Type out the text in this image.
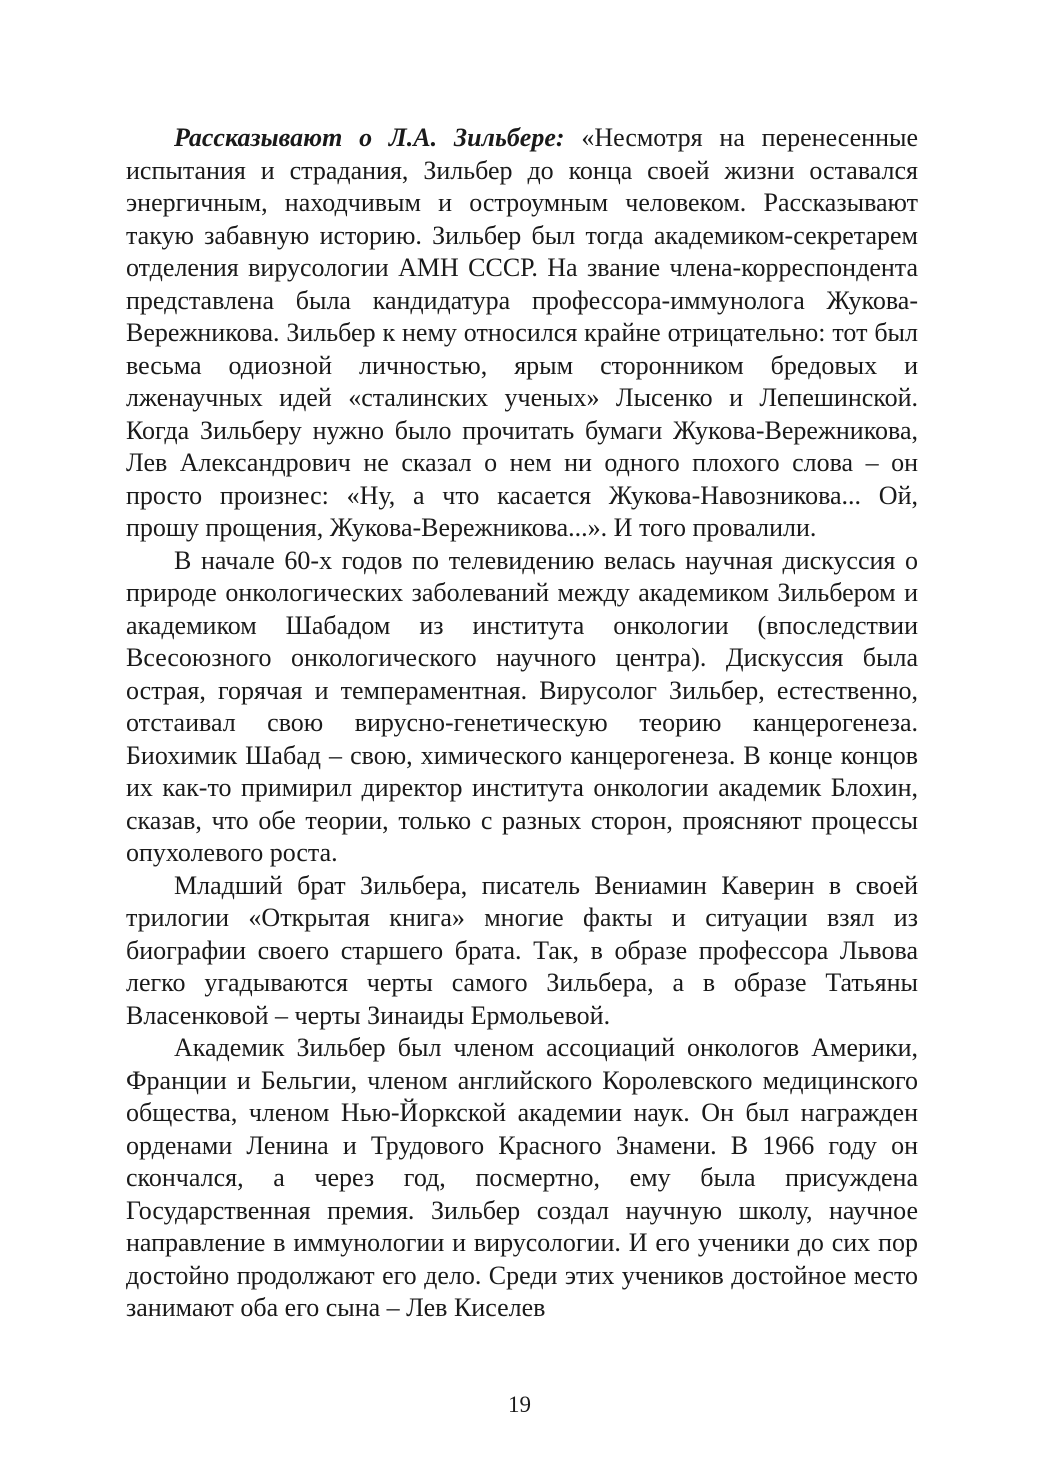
Рассказывают о Л.А. Зильбере: «Несмотря на перенесенные испытания и страдания, Зильбер до конца своей жизни оставался энергичным, находчивым и остроумным человеком. Рассказывают такую забавную историю. Зильбер был тогда академиком-секретарем отделения вирусологии АМН СССР. На звание члена-корреспондента представлена была кандидатура профессора-иммунолога Жукова-Вережникова. Зильбер к нему относился крайне отрицательно: тот был весьма одиозной личностью, ярым сторонником бредовых и лженаучных идей «сталинских ученых» Лысенко и Лепешинской. Когда Зильберу нужно было прочитать бумаги Жукова-Вережникова, Лев Александрович не сказал о нем ни одного плохого слова – он просто произнес: «Ну, а что касается Жукова-Навозникова... Ой, прошу прощения, Жукова-Вережникова...». И того провалили.

В начале 60-х годов по телевидению велась научная дискуссия о природе онкологических заболеваний между академиком Зильбером и академиком Шабадом из института онкологии (впоследствии Всесоюзного онкологического научного центра). Дискуссия была острая, горячая и темпераментная. Вирусолог Зильбер, естественно, отстаивал свою вирусно-генетическую теорию канцерогенеза. Биохимик Шабад – свою, химического канцерогенеза. В конце концов их как-то примирил директор института онкологии академик Блохин, сказав, что обе теории, только с разных сторон, проясняют процессы опухолевого роста.

Младший брат Зильбера, писатель Вениамин Каверин в своей трилогии «Открытая книга» многие факты и ситуации взял из биографии своего старшего брата. Так, в образе профессора Львова легко угадываются черты самого Зильбера, а в образе Татьяны Власенковой – черты Зинаиды Ермольевой.

Академик Зильбер был членом ассоциаций онкологов Америки, Франции и Бельгии, членом английского Королевского медицинского общества, членом Нью-Йоркской академии наук. Он был награжден орденами Ленина и Трудового Красного Знамени. В 1966 году он скончался, а через год, посмертно, ему была присуждена Государственная премия. Зильбер создал научную школу, научное направление в иммунологии и вирусологии. И его ученики до сих пор достойно продолжают его дело. Среди этих учеников достойное место занимают оба его сына – Лев Киселев

19
